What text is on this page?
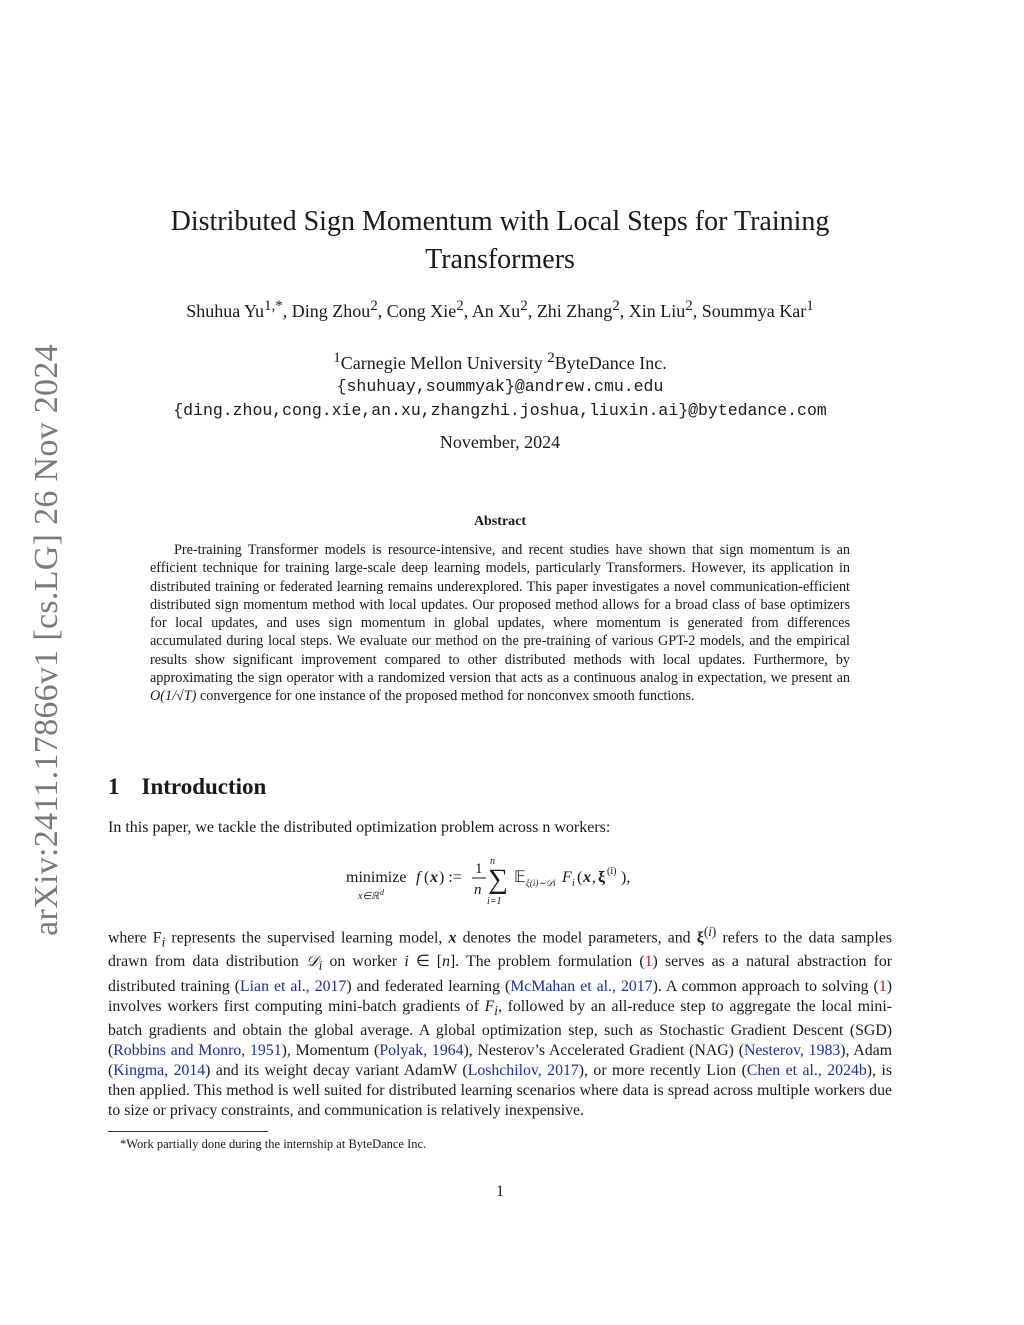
arXiv:2411.17866v1 [cs.LG] 26 Nov 2024
Distributed Sign Momentum with Local Steps for Training
Transformers
Shuhua $Yu^{1,*}$, Ding Zhou$^2$, Cong Xie$^2$, An Xu$^2$, Zhi Zhang$^2$, Xin Liu$^2$, Soummya Kar$^1$
$^1$Carnegie Mellon University $^2$ByteDance Inc.
{shuhuay,soummyak}@andrew.cmu.edu
{ding.zhou,cong.xie,an.xu,zhangzhi.joshua,liuxin.ai}@bytedance.com
November, 2024
Abstract
Pre-training Transformer models is resource-intensive, and recent studies have shown that sign momentum is an efficient technique for training large-scale deep learning models, particularly Transformers. However, its application in distributed training or federated learning remains underexplored. This paper investigates a novel communication-efficient distributed sign momentum method with local updates. Our proposed method allows for a broad class of base optimizers for local updates, and uses sign momentum in global updates, where momentum is generated from differences accumulated during local steps. We evaluate our method on the pre-training of various GPT-2 models, and the empirical results show significant improvement compared to other distributed methods with local updates. Furthermore, by approximating the sign operator with a randomized version that acts as a continuous analog in expectation, we present an O(1/√T) convergence for one instance of the proposed method for nonconvex smooth functions.
1 Introduction
In this paper, we tackle the distributed optimization problem across n workers:
minimize
x∈ℝ d
f ( x ) := 1
n
n
∑
i=1
𝔼 ξ(i)∼𝒟i F i ( x , ξ (i) ),
where $F_i$ represents the supervised learning model, x denotes the model parameters, and $\xi^{(i)}$ refers to the data samples drawn from data distribution 𝒟$_i$ on worker i ∈ [n]. The problem formulation (1) serves as a natural abstraction for distributed training (Lian et al., 2017) and federated learning (McMahan et al., 2017). A common approach to solving (1) involves workers first computing mini-batch gradients of $F_i$, followed by an all-reduce step to aggregate the local mini-batch gradients and obtain the global average. A global optimization step, such as Stochastic Gradient Descent (SGD) (Robbins and Monro, 1951), Momentum (Polyak, 1964), Nesterov’s Accelerated Gradient (NAG) (Nesterov, 1983), Adam (Kingma, 2014) and its weight decay variant AdamW (Loshchilov, 2017), or more recently Lion (Chen et al., 2024b), is then applied. This method is well suited for distributed learning scenarios where data is spread across multiple workers due to size or privacy constraints, and communication is relatively inexpensive.
*Work partially done during the internship at ByteDance Inc.
1
